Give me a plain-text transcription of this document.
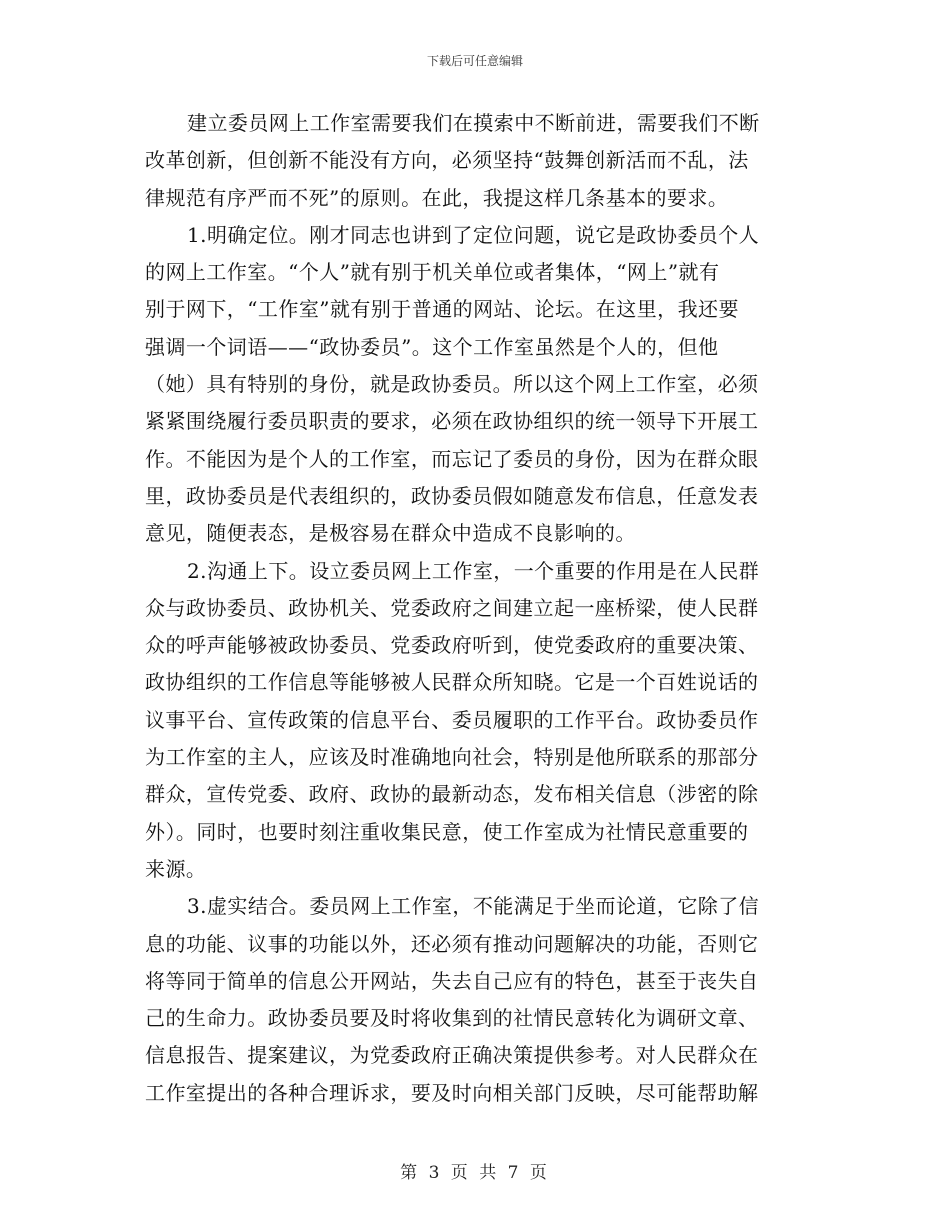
下载后可任意编辑
建立委员网上工作室需要我们在摸索中不断前进，需要我们不断
改革创新，但创新不能没有方向，必须坚持“鼓舞创新活而不乱，法
律规范有序严而不死”的原则。在此，我提这样几条基本的要求。
1.明确定位。刚才同志也讲到了定位问题，说它是政协委员个人
的网上工作室。“个人”就有别于机关单位或者集体，“网上”就有
别于网下，“工作室”就有别于普通的网站、论坛。在这里，我还要
强调一个词语——“政协委员”。这个工作室虽然是个人的，但他
（她）具有特别的身份，就是政协委员。所以这个网上工作室，必须
紧紧围绕履行委员职责的要求，必须在政协组织的统一领导下开展工
作。不能因为是个人的工作室，而忘记了委员的身份，因为在群众眼
里，政协委员是代表组织的，政协委员假如随意发布信息，任意发表
意见，随便表态，是极容易在群众中造成不良影响的。
2.沟通上下。设立委员网上工作室，一个重要的作用是在人民群
众与政协委员、政协机关、党委政府之间建立起一座桥梁，使人民群
众的呼声能够被政协委员、党委政府听到，使党委政府的重要决策、
政协组织的工作信息等能够被人民群众所知晓。它是一个百姓说话的
议事平台、宣传政策的信息平台、委员履职的工作平台。政协委员作
为工作室的主人，应该及时准确地向社会，特别是他所联系的那部分
群众，宣传党委、政府、政协的最新动态，发布相关信息（涉密的除
外）。同时，也要时刻注重收集民意，使工作室成为社情民意重要的
来源。
3.虚实结合。委员网上工作室，不能满足于坐而论道，它除了信
息的功能、议事的功能以外，还必须有推动问题解决的功能，否则它
将等同于简单的信息公开网站，失去自己应有的特色，甚至于丧失自
己的生命力。政协委员要及时将收集到的社情民意转化为调研文章、
信息报告、提案建议，为党委政府正确决策提供参考。对人民群众在
工作室提出的各种合理诉求，要及时向相关部门反映，尽可能帮助解
第 3 页 共 7 页
